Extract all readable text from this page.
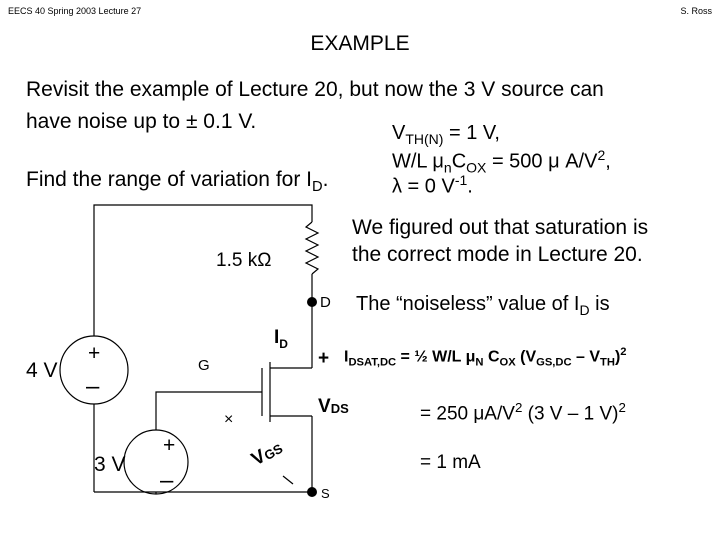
EECS 40 Spring 2003 Lecture 27	S. Ross
EXAMPLE
Revisit the example of Lecture 20, but now the 3 V source can
have noise up to ± 0.1 V.
Find the range of variation for $I_D$.
$V_{TH(N)} = 1$ V,
W/L $\mu_nC_{OX} = 500$ μ $A/V^2$,
λ = 0 $V^{-1}$.
We figured out that saturation is
the correct mode in Lecture 20.
The “noiseless” value of $I_D$ is
$I_{DSAT,DC}$ = ½ W/L $\mu_N$ $C_{OX}$ $(V_{GS,DC} - V_{TH})^2$
= 250 $\mu A/V^2$ (3 V – 1 V)$^2$
= 1 mA
×
1.5 kΩ
D
$I_D$
+
VDS
S
G
4 V
+
–
3 V
+
–
VGS
